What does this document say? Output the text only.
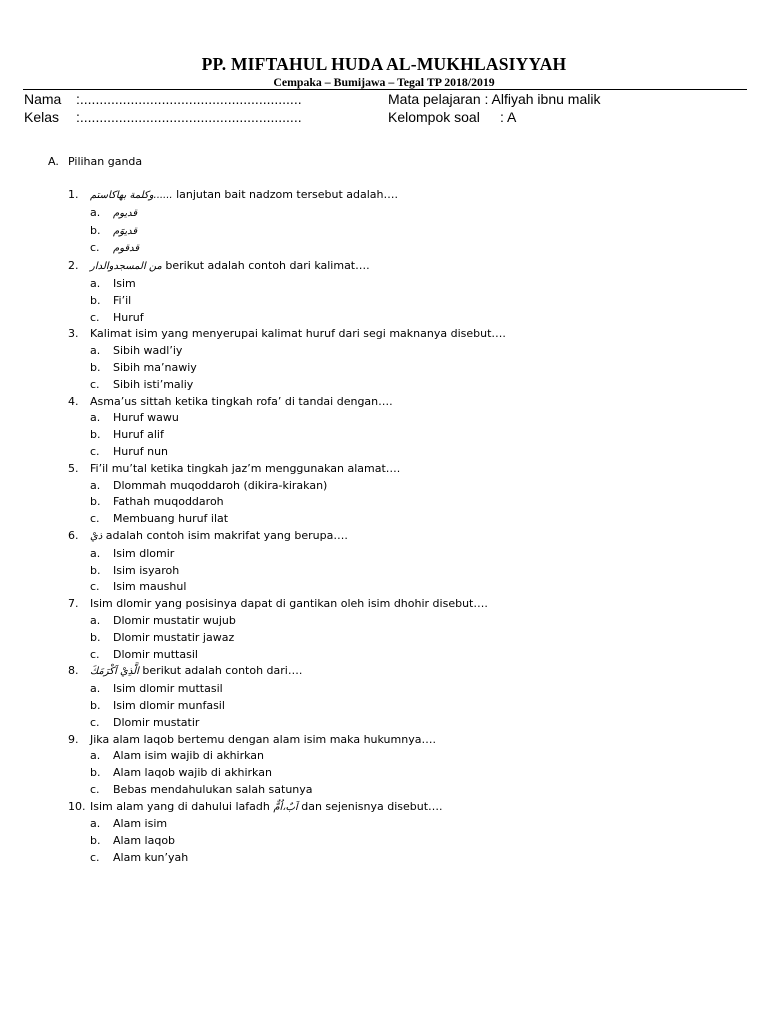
PP. MIFTAHUL HUDA AL-MUKHLASIYYAH
Cempaka – Bumijawa – Tegal TP 2018/2019
Nama :.........................................................
Kelas :.........................................................
Mata pelajaran : Alfiyah ibnu malik
Kelompok soal : A
A. Pilihan ganda
1.	......وكلمة بهاكاستم
lanjutan bait nadzom tersebut adalah….
a.	قديوم
b.	قديوَم
c.	قدقوم
2.	من المسجدوالدار
berikut adalah contoh dari kalimat….
a.	Isim
b.	Fi’il
c.	Huruf
3.	Kalimat isim yang menyerupai kalimat huruf dari segi maknanya disebut….
a.	Sibih wadl’iy
b.	Sibih ma’nawiy
c.	Sibih isti’maliy
4.	Asma’us sittah ketika tingkah rofa’ di tandai dengan….
a.	Huruf wawu
b.	Huruf alif
c.	Huruf nun
5.	Fi’il mu’tal ketika tingkah jaz’m menggunakan alamat….
a.	Dlommah muqoddaroh (dikira-kirakan)
b.	Fathah muqoddaroh
c.	Membuang huruf ilat
6.	ذيْ
adalah contoh isim makrifat yang berupa….
a.	Isim dlomir
b.	Isim isyaroh
c.	Isim maushul
7.	Isim dlomir yang posisinya dapat di gantikan oleh isim dhohir disebut….
a.	Dlomir mustatir wujub
b.	Dlomir mustatir jawaz
c.	Dlomir muttasil
8.	الَّذِيْ اَكْرَمَكَ
berikut adalah contoh dari….
a.	Isim dlomir muttasil
b.	Isim dlomir munfasil
c.	Dlomir mustatir
9.	Jika alam laqob bertemu dengan alam isim maka hukumnya….
a.	Alam isim wajib di akhirkan
b.	Alam laqob wajib di akhirkan
c.	Bebas mendahulukan salah satunya
10. Isim alam yang di dahului lafadh
اَبٌ،اُمٌّ
dan sejenisnya disebut….
a.	Alam isim
b.	Alam laqob
c.	Alam kun’yah
